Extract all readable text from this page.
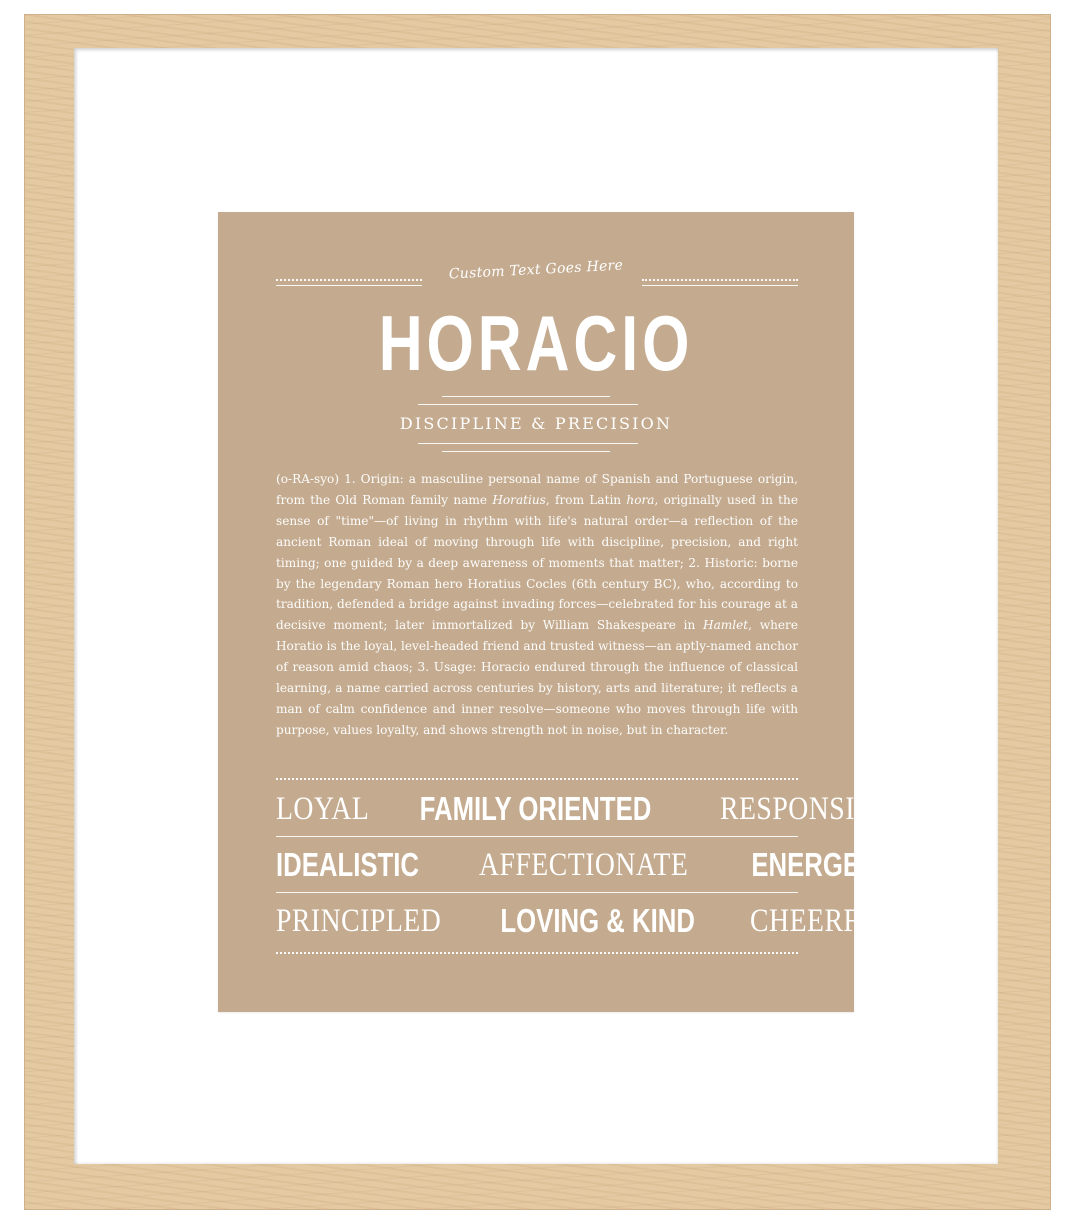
Custom Text Goes Here
HORACIO
DISCIPLINE & PRECISION
(o-RA-syo) 1. Origin: a masculine personal name of Spanish and Portuguese origin, from the Old Roman family name Horatius, from Latin hora, originally used in the sense of "time"—of living in rhythm with life's natural order—a reflection of the ancient Roman ideal of moving through life with discipline, precision, and right timing; one guided by a deep awareness of moments that matter; 2. Historic: borne by the legendary Roman hero Horatius Cocles (6th century BC), who, according to tradition, defended a bridge against invading forces—celebrated for his courage at a decisive moment; later immortalized by William Shakespeare in Hamlet, where Horatio is the loyal, level-headed friend and trusted witness—an aptly-named anchor of reason amid chaos; 3. Usage: Horacio endured through the influence of classical learning, a name carried across centuries by history, arts and literature; it reflects a man of calm confidence and inner resolve—someone who moves through life with purpose, values loyalty, and shows strength not in noise, but in character.
LOYAL FAMILY ORIENTED RESPONSIBLE
IDEALISTIC AFFECTIONATE ENERGETIC
PRINCIPLED LOVING & KIND CHEERFUL
